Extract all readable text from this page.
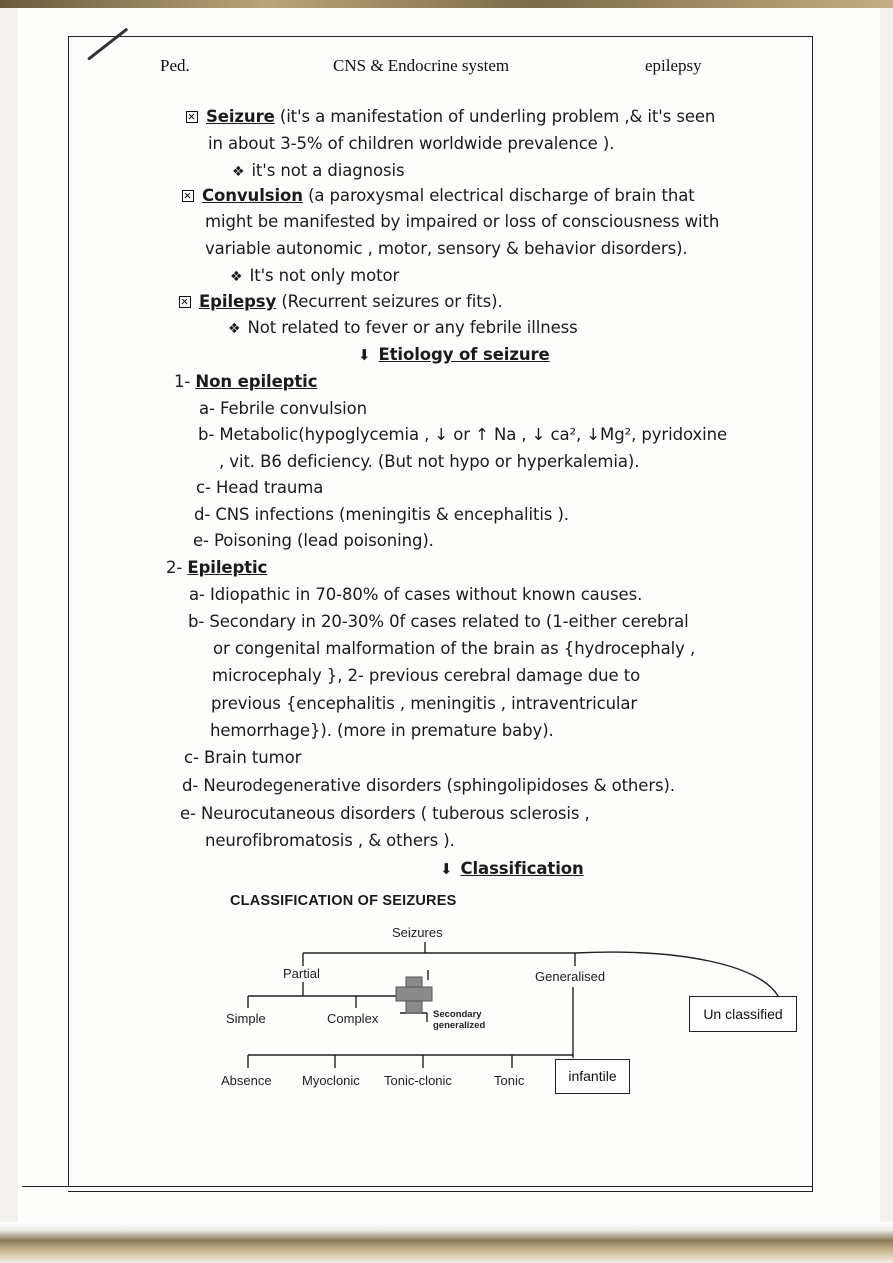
Ped.	CNS & Endocrine system	epilepsy
Seizure (it's a manifestation of underling problem ,& it's seen
in about 3-5% of children worldwide prevalence ).
❖ it's not a diagnosis
Convulsion (a paroxysmal electrical discharge of brain that
might be manifested by impaired or loss of consciousness with
variable autonomic , motor, sensory & behavior disorders).
❖ It's not only motor
Epilepsy (Recurrent seizures or fits).
❖ Not related to fever or any febrile illness
⬇ Etiology of seizure
1- Non epileptic
a- Febrile convulsion
b- Metabolic(hypoglycemia , ↓ or ↑ Na , ↓ ca², ↓Mg², pyridoxine
, vit. B6 deficiency. (But not hypo or hyperkalemia).
c- Head trauma
d- CNS infections (meningitis & encephalitis ).
e- Poisoning (lead poisoning).
2- Epileptic
a- Idiopathic in 70-80% of cases without known causes.
b- Secondary in 20-30% 0f cases related to (1-either cerebral
or congenital malformation of the brain as {hydrocephaly ,
microcephaly }, 2- previous cerebral damage due to
previous {encephalitis , meningitis , intraventricular
hemorrhage}). (more in premature baby).
c- Brain tumor
d- Neurodegenerative disorders (sphingolipidoses & others).
e- Neurocutaneous disorders ( tuberous sclerosis ,
neurofibromatosis , & others ).
⬇ Classification
CLASSIFICATION OF SEIZURES
Seizures
Partial	Generalised
Un classified
Simple	Complex	Secondary
generalized
Absence Myoclonic Tonic-clonic	Tonic	infantile
